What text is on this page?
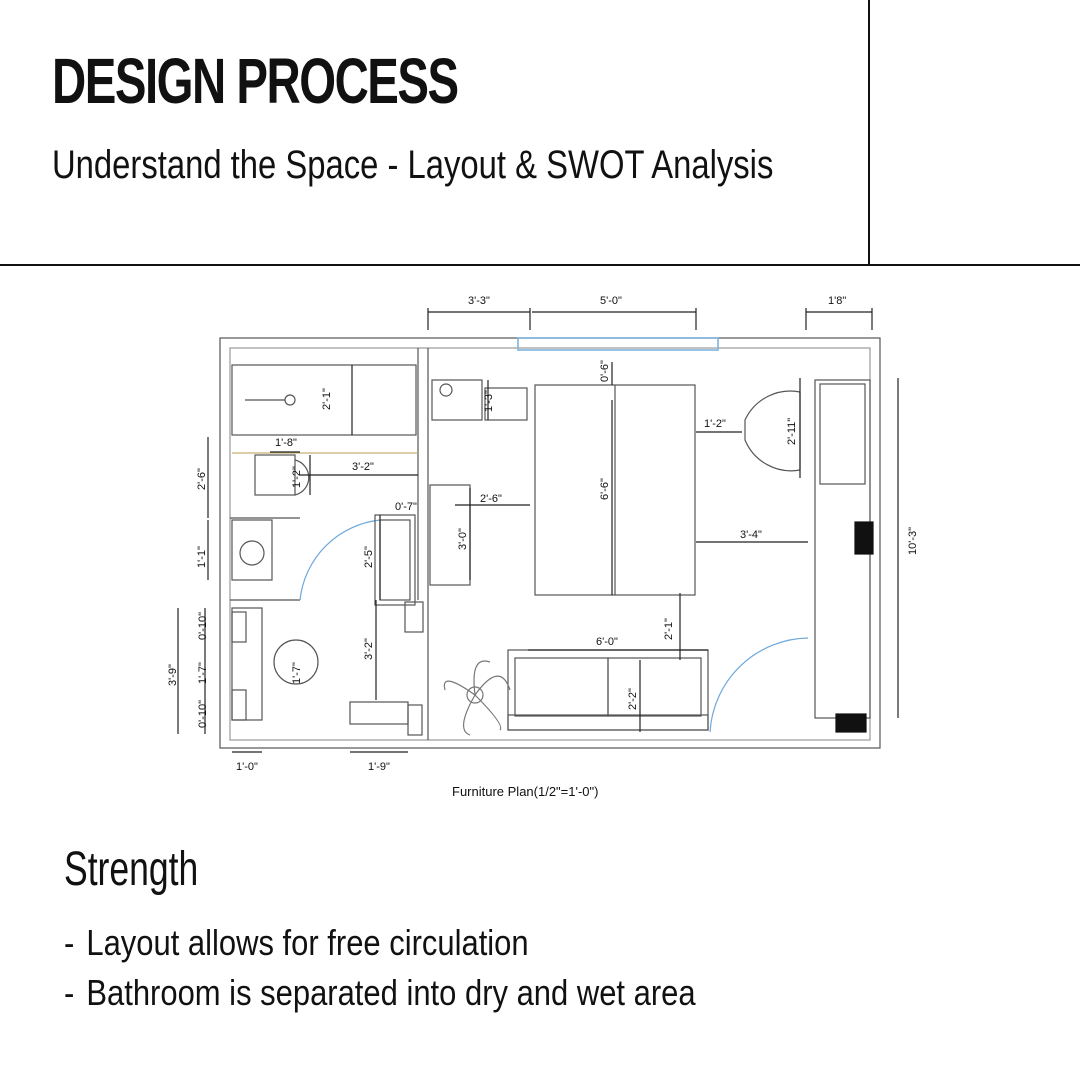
DESIGN PROCESS
Understand the Space - Layout & SWOT Analysis
3'-3"	5'-0"	1'8"
2'-1"
1'-8"
1'-2"	3'-2"
2'-6"
1'-1"
0'-7"
2'-6"
2'-5"
3'-0"
1'-3"
0'-6"
6'-6"
1'-2"	2'-11"
3'-4"	10'-3"
2'-1"
6'-0"
3'-2"
2'-2"
0'-10"
1'-7"
0'-10"
3'-9"	1'-7"
1'-0"	1'-9"
Furniture Plan(1/2"=1'-0")
Strength
- Layout allows for free circulation
- Bathroom is separated into dry and wet area
